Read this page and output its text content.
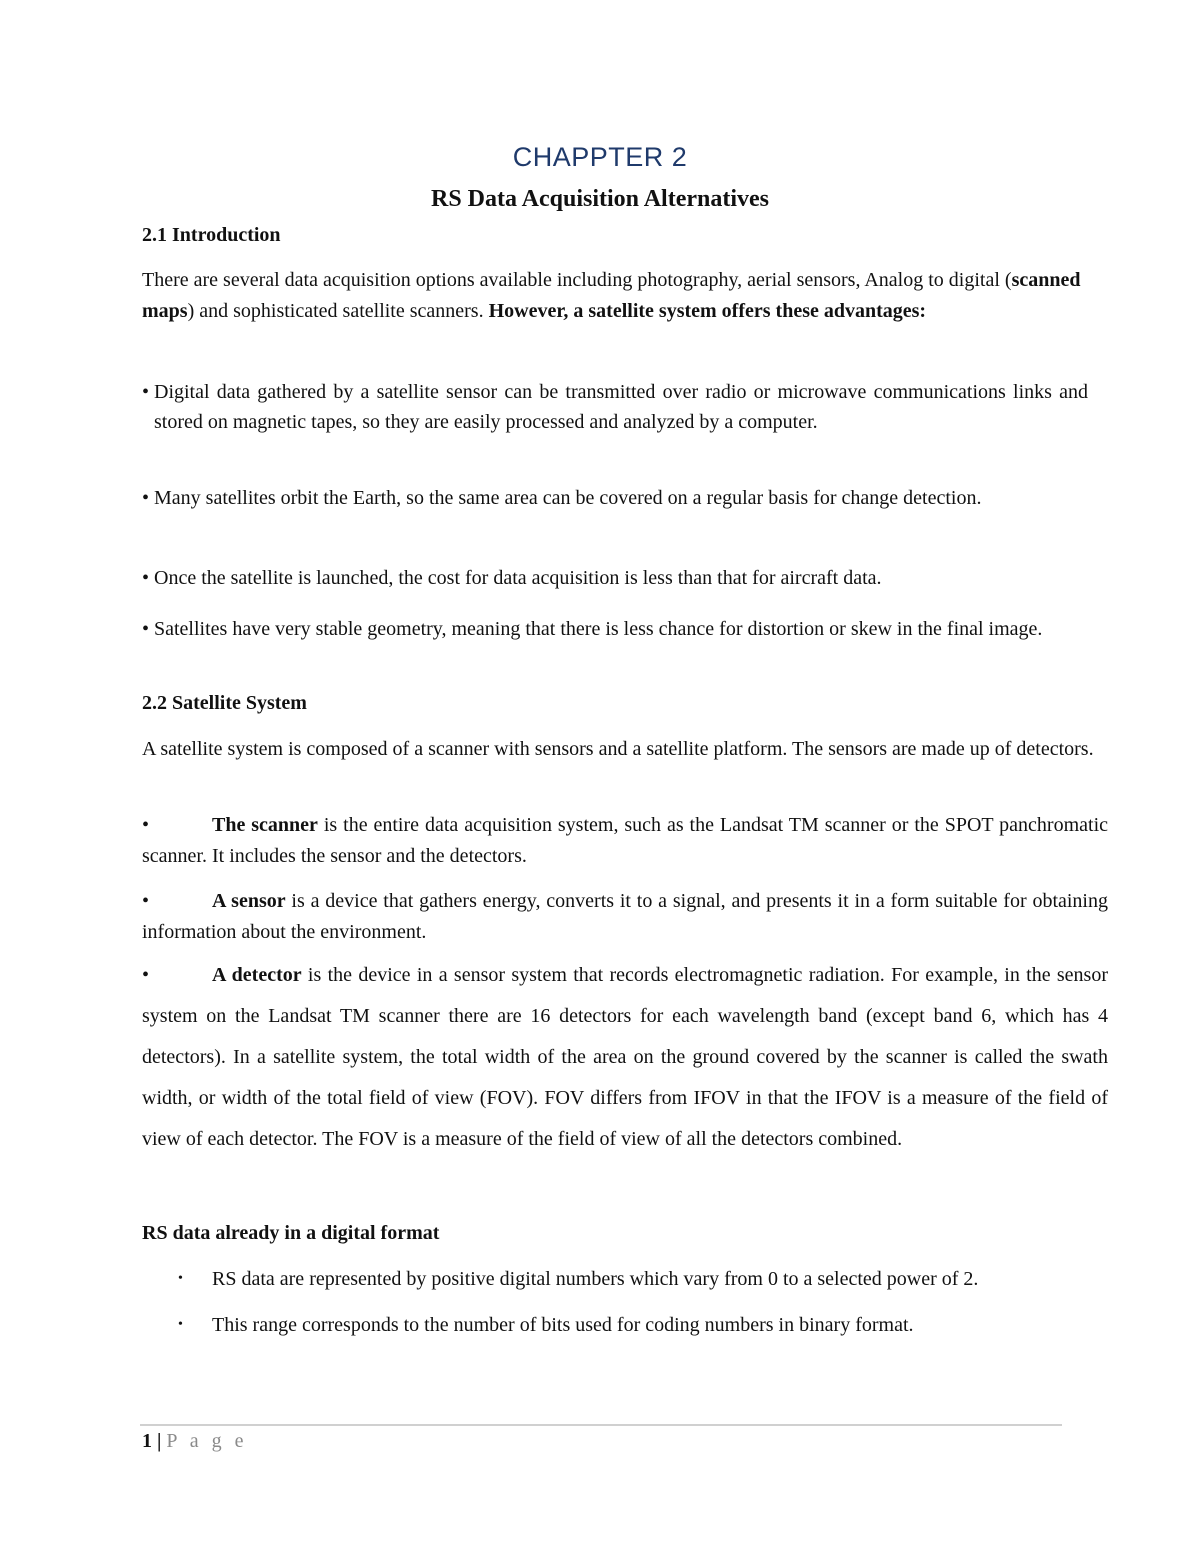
CHAPPTER 2
RS Data Acquisition Alternatives
2.1 Introduction
There are several data acquisition options available including photography, aerial sensors, Analog to digital (scanned maps) and sophisticated satellite scanners. However, a satellite system offers these advantages:
• Digital data gathered by a satellite sensor can be transmitted over radio or microwave communications links and stored on magnetic tapes, so they are easily processed and analyzed by a computer.
• Many satellites orbit the Earth, so the same area can be covered on a regular basis for change detection.
• Once the satellite is launched, the cost for data acquisition is less than that for aircraft data.
• Satellites have very stable geometry, meaning that there is less chance for distortion or skew in the final image.
2.2 Satellite System
A satellite system is composed of a scanner with sensors and a satellite platform. The sensors are made up of detectors.
•	The scanner is the entire data acquisition system, such as the Landsat TM scanner or the SPOT panchromatic scanner. It includes the sensor and the detectors.
•	A sensor is a device that gathers energy, converts it to a signal, and presents it in a form suitable for obtaining information about the environment.
•	A detector is the device in a sensor system that records electromagnetic radiation. For example, in the sensor system on the Landsat TM scanner there are 16 detectors for each wavelength band (except band 6, which has 4 detectors). In a satellite system, the total width of the area on the ground covered by the scanner is called the swath width, or width of the total field of view (FOV). FOV differs from IFOV in that the IFOV is a measure of the field of view of each detector. The FOV is a measure of the field of view of all the detectors combined.
RS data already in a digital format
• RS data are represented by positive digital numbers which vary from 0 to a selected power of 2.
• This range corresponds to the number of bits used for coding numbers in binary format.
1 | P a g e
